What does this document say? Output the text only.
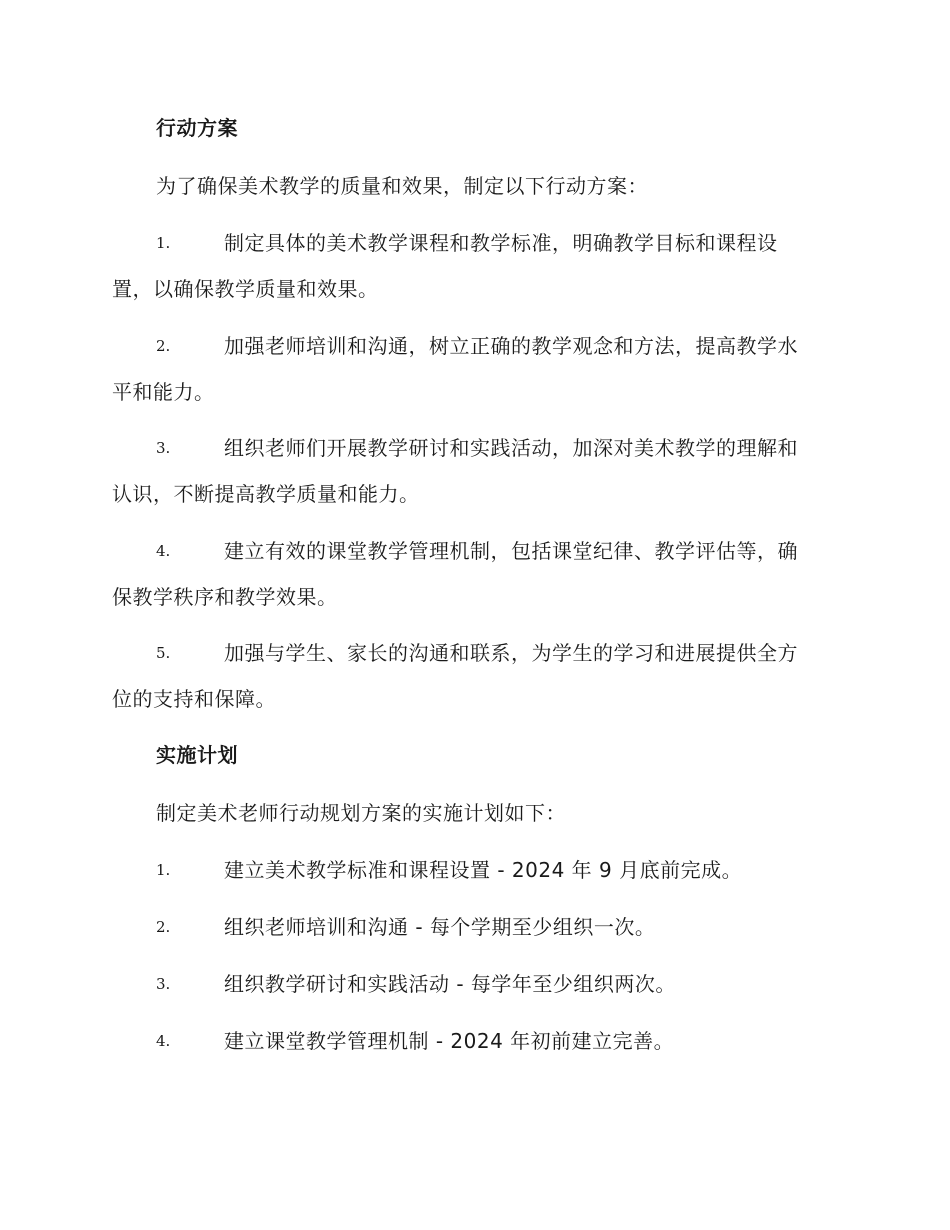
行动方案

为了确保美术教学的质量和效果，制定以下行动方案：

1.	制定具体的美术教学课程和教学标准，明确教学目标和课程设
置，以确保教学质量和效果。
2.	加强老师培训和沟通，树立正确的教学观念和方法，提高教学水
平和能力。
3.	组织老师们开展教学研讨和实践活动，加深对美术教学的理解和
认识，不断提高教学质量和能力。
4.	建立有效的课堂教学管理机制，包括课堂纪律、教学评估等，确
保教学秩序和教学效果。
5.	加强与学生、家长的沟通和联系，为学生的学习和进展提供全方
位的支持和保障。
实施计划

制定美术老师行动规划方案的实施计划如下：

1.	建立美术教学标准和课程设置 - 2024 年 9 月底前完成。
2.	组织老师培训和沟通 - 每个学期至少组织一次。
3.	组织教学研讨和实践活动 - 每学年至少组织两次。
4.	建立课堂教学管理机制 - 2024 年初前建立完善。
